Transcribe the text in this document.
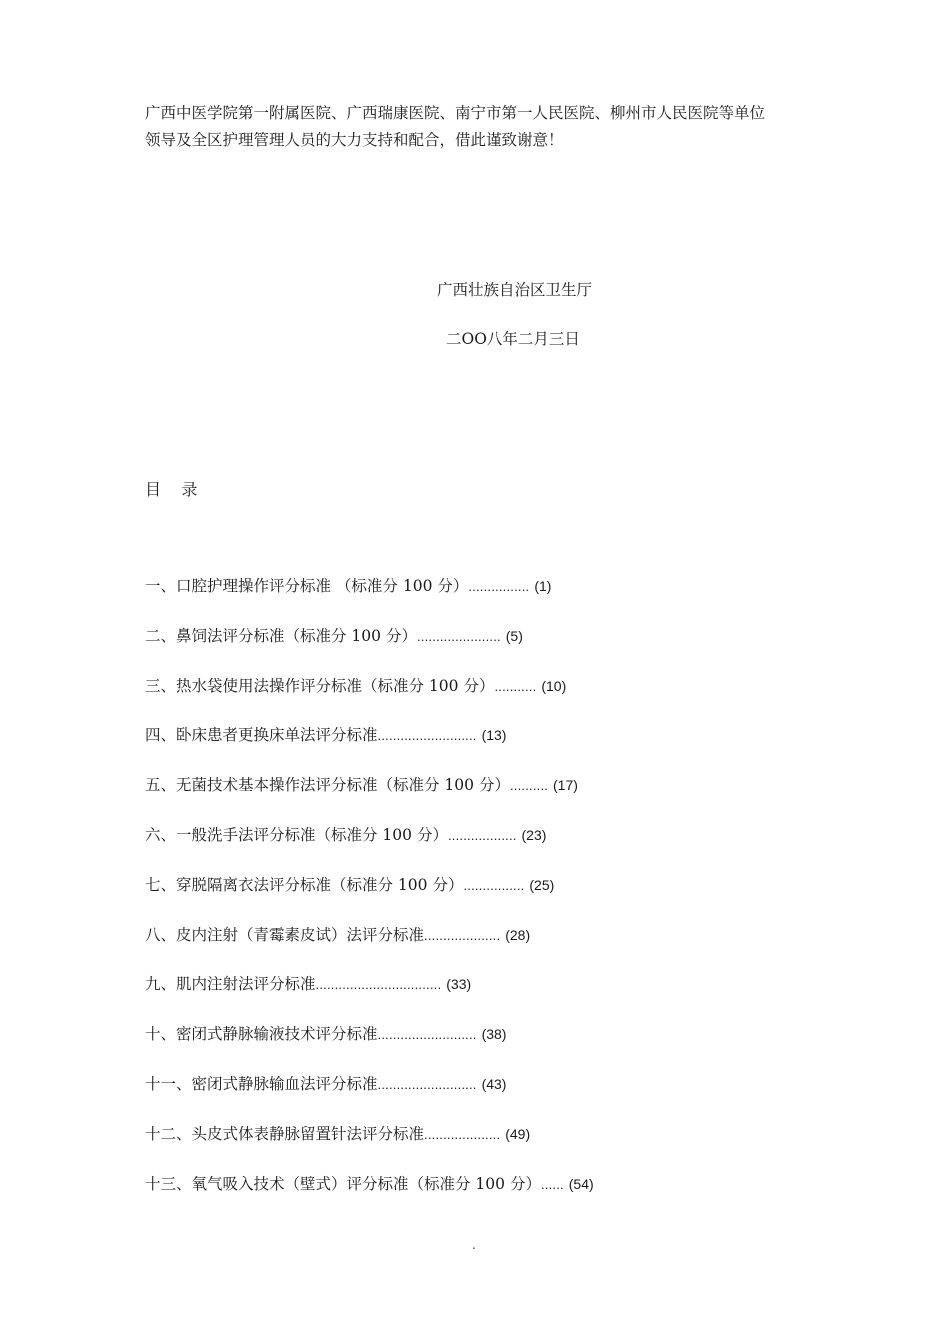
广西中医学院第一附属医院、广西瑞康医院、南宁市第一人民医院、柳州市人民医院等单位
领导及全区护理管理人员的大力支持和配合，借此谨致谢意！
广西壮族自治区卫生厅
二OO八年二月三日
目    录
一、口腔护理操作评分标准 （标准分 100 分）................ (1)
二、鼻饲法评分标准（标准分 100 分）...................... (5)
三、热水袋使用法操作评分标准（标准分 100 分）........... (10)
四、卧床患者更换床单法评分标准.......................... (13)
五、无菌技术基本操作法评分标准（标准分 100 分）.......... (17)
六、一般洗手法评分标准（标准分 100 分）.................. (23)
七、穿脱隔离衣法评分标准（标准分 100 分）................ (25)
八、皮内注射（青霉素皮试）法评分标准.................... (28)
九、肌内注射法评分标准................................. (33)
十、密闭式静脉输液技术评分标准.......................... (38)
十一、密闭式静脉输血法评分标准.......................... (43)
十二、头皮式体表静脉留置针法评分标准.................... (49)
十三、氧气吸入技术（壁式）评分标准（标准分 100 分）...... (54)
.
